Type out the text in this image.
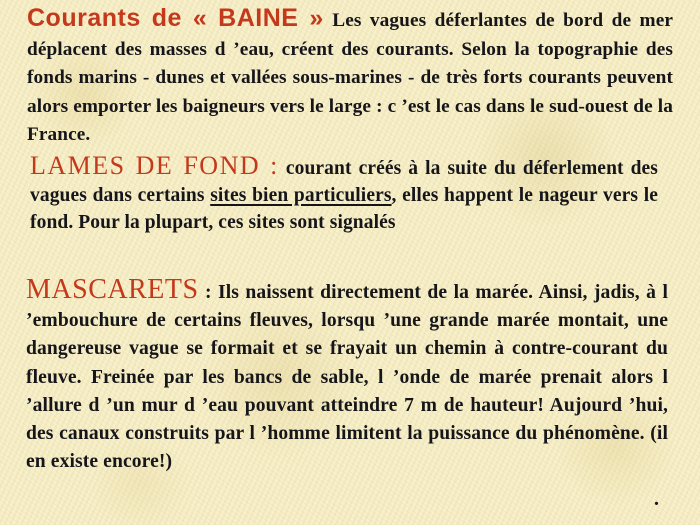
Courants de « BAINE » Les vagues déferlantes de bord de mer déplacent des masses d ’eau, créent des courants. Selon la topographie des fonds marins - dunes et vallées sous-marines - de très forts courants peuvent alors emporter les baigneurs vers le large : c ’est le cas dans le sud-ouest de la France.

LAMES DE FOND : courant créés à la suite du déferlement des vagues dans certains sites bien particuliers, elles happent le nageur vers le fond. Pour la plupart, ces sites sont signalés

MASCARETS : Ils naissent directement de la marée. Ainsi, jadis, à l ’embouchure de certains fleuves, lorsqu ’une grande marée montait, une dangereuse vague se formait et se frayait un chemin à contre-courant du fleuve. Freinée par les bancs de sable, l ’onde de marée prenait alors l ’allure d ’un mur d ’eau pouvant atteindre 7 m de hauteur! Aujourd ’hui, des canaux construits par l ’homme limitent la puissance du phénomène. (il en existe encore!)

.
